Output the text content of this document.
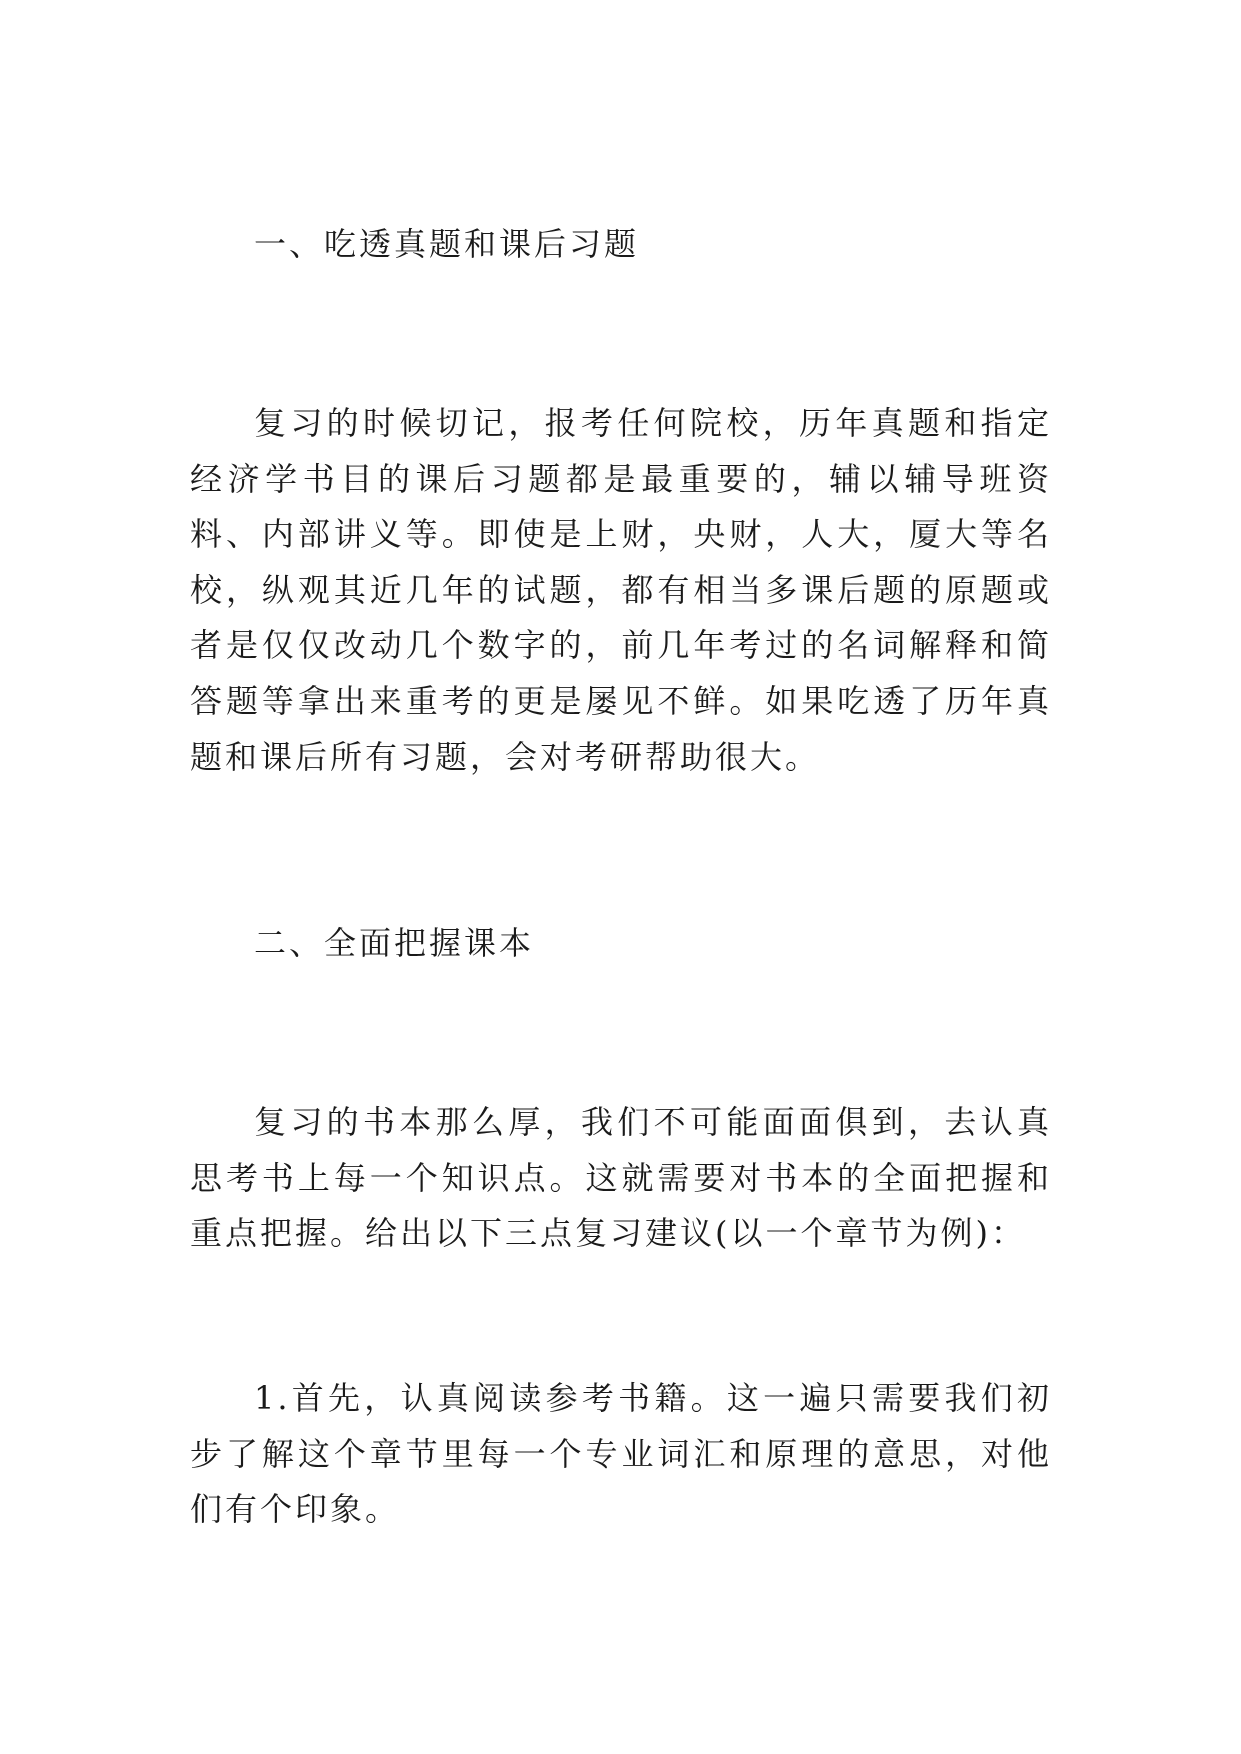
一、吃透真题和课后习题

复习的时候切记，报考任何院校，历年真题和指定经济学书目的课后习题都是最重要的，辅以辅导班资料、内部讲义等。即使是上财，央财，人大，厦大等名校，纵观其近几年的试题，都有相当多课后题的原题或者是仅仅改动几个数字的，前几年考过的名词解释和简答题等拿出来重考的更是屡见不鲜。如果吃透了历年真题和课后所有习题，会对考研帮助很大。

二、全面把握课本

复习的书本那么厚，我们不可能面面俱到，去认真思考书上每一个知识点。这就需要对书本的全面把握和重点把握。给出以下三点复习建议(以一个章节为例)：

1.首先，认真阅读参考书籍。这一遍只需要我们初步了解这个章节里每一个专业词汇和原理的意思，对他们有个印象。
